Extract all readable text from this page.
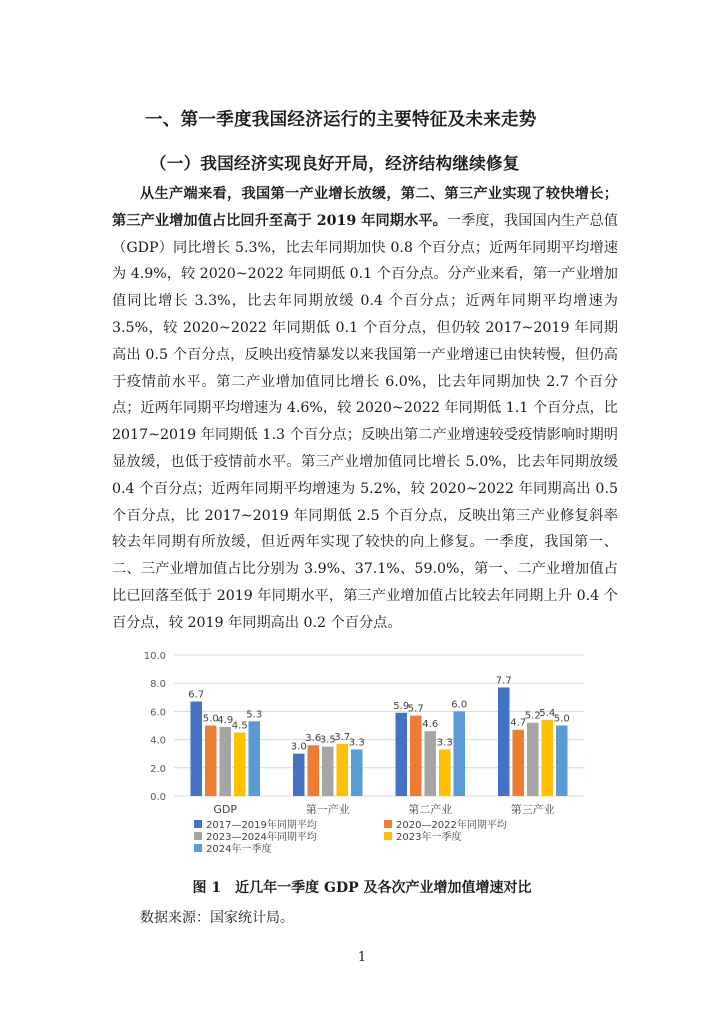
一、第一季度我国经济运行的主要特征及未来走势
（一）我国经济实现良好开局，经济结构继续修复

从生产端来看，我国第一产业增长放缓，第二、第三产业实现了较快增长；第三产业增加值占比回升至高于 2019 年同期水平。一季度，我国国内生产总值（GDP）同比增长 5.3%，比去年同期加快 0.8 个百分点；近两年同期平均增速为 4.9%，较 2020~2022 年同期低 0.1 个百分点。分产业来看，第一产业增加值同比增长 3.3%，比去年同期放缓 0.4 个百分点；近两年同期平均增速为 3.5%，较 2020~2022 年同期低 0.1 个百分点，但仍较 2017~2019 年同期高出 0.5 个百分点，反映出疫情暴发以来我国第一产业增速已由快转慢，但仍高于疫情前水平。第二产业增加值同比增长 6.0%，比去年同期加快 2.7 个百分点；近两年同期平均增速为 4.6%，较 2020~2022 年同期低 1.1 个百分点，比 2017~2019 年同期低 1.3 个百分点；反映出第二产业增速较受疫情影响时期明显放缓，也低于疫情前水平。第三产业增加值同比增长 5.0%，比去年同期放缓 0.4 个百分点；近两年同期平均增速为 5.2%，较 2020~2022 年同期高出 0.5 个百分点，比 2017~2019 年同期低 2.5 个百分点，反映出第三产业修复斜率较去年同期有所放缓，但近两年实现了较快的向上修复。一季度，我国第一、二、三产业增加值占比分别为 3.9%、37.1%、59.0%，第一、二产业增加值占比已回落至低于 2019 年同期水平，第三产业增加值占比较去年同期上升 0.4 个百分点，较 2019 年同期高出 0.2 个百分点。

0.0
2.0
4.0
6.0
8.0
10.0
6.7
5.0
4.9
4.5
5.3
GDP
3.0
3.6
3.5
3.7
3.3
第一产业
5.9
5.7
4.6
3.3
6.0
第二产业
7.7
4.7
5.2
5.4
5.0
第三产业
2017—2019年同期平均	2020—2022年同期平均
2023—2024年同期平均	2023年一季度
2024年一季度
图 1　近几年一季度 GDP 及各次产业增加值增速对比
数据来源：国家统计局。
1
